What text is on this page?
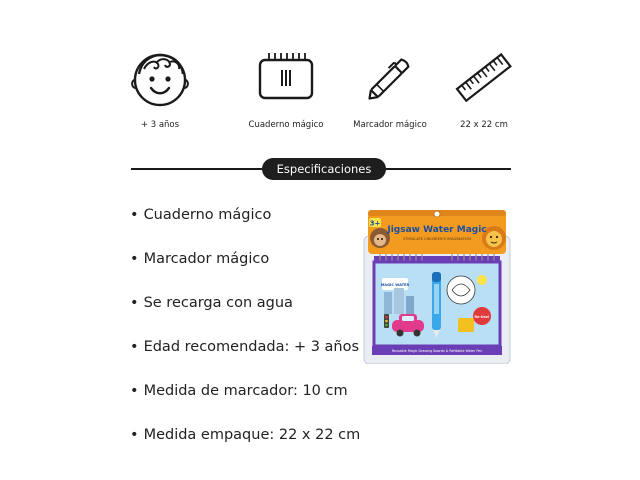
+ 3 años	Cuaderno mágico	Marcador mágico	22 x 22 cm
Especificaciones
• Cuaderno mágico
• Marcador mágico
• Se recarga con agua
• Edad recomendada: + 3 años
• Medida de marcador: 10 cm
• Medida empaque: 22 x 22 cm
3+
Jigsaw Water Magic
STIMULATE CHILDREN'S IMAGINATION
MAGIC WATER
Re-Use!
Reusable Magic Drawing Boards & Refillable Water Pen
